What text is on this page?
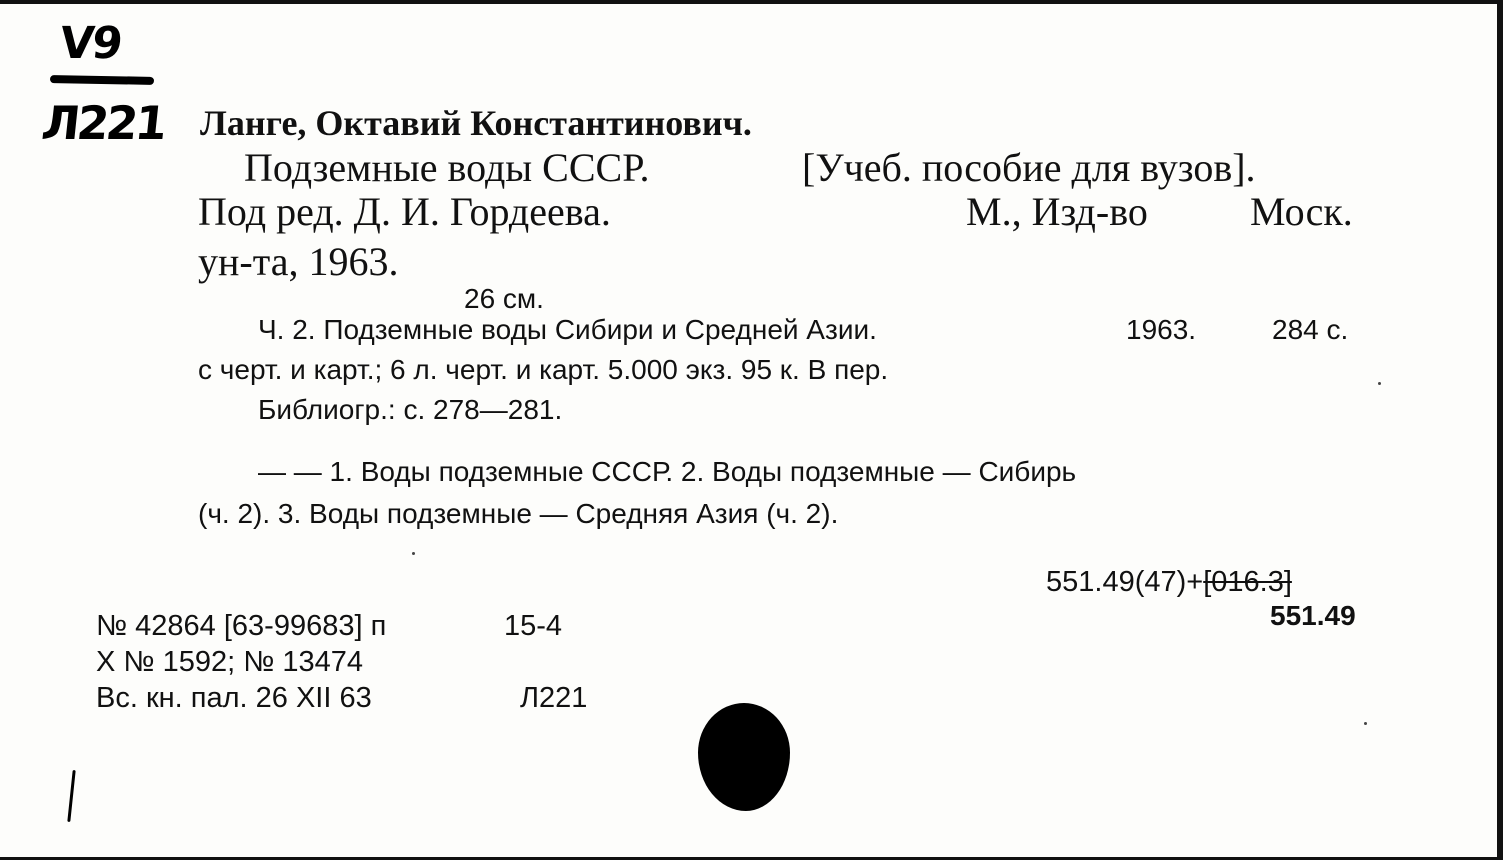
V9
Л221 Ланге, Октавий Константинович.
Подземные воды СССР.	[Учеб. пособие для вузов].
Под ред. Д. И. Гордеева.	М., Изд-во	Моск.
ун-та, 1963.
26 см.
Ч. 2. Подземные воды Сибири и Средней Азии.	1963.	284 с.
с черт. и карт.; 6 л. черт. и карт. 5.000 экз. 95 к. В пер.
Библиогр.: с. 278—281.
— — 1. Воды подземные СССР. 2. Воды подземные — Сибирь
(ч. 2). 3. Воды подземные — Средняя Азия (ч. 2).
551.49(47)+[016.3]
551.49
№ 42864 [63-99683] п	15-4
Х № 1592; № 13474
Вс. кн. пал. 26 XII 63	Л221
